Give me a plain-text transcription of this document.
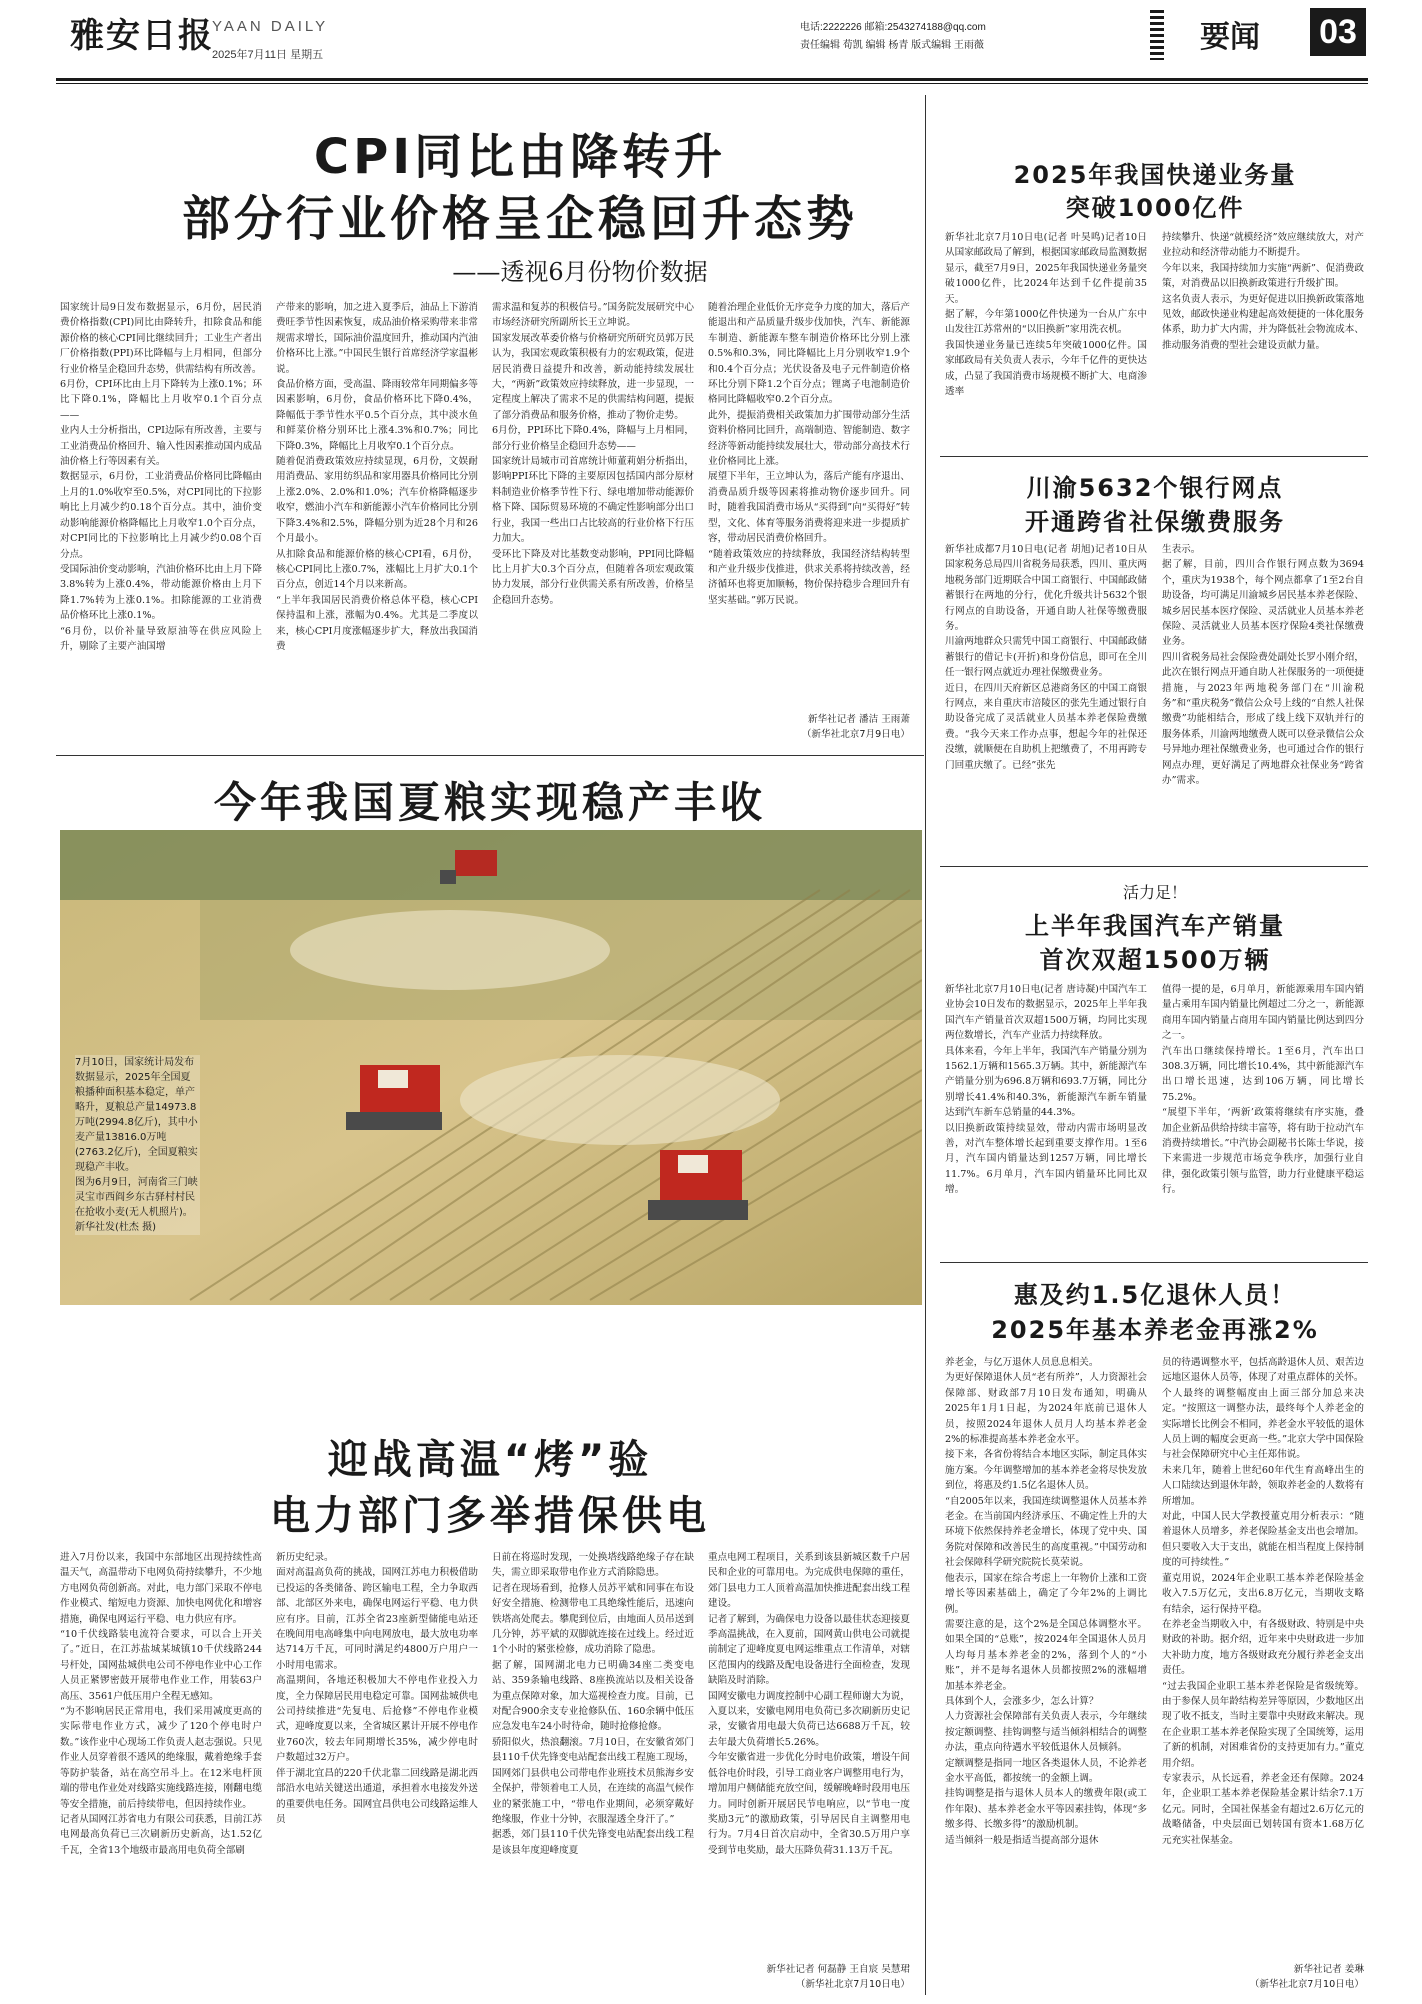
雅安日报
YAAN DAILY
2025年7月11日 星期五
电话:2222226 邮箱:2543274188@qq.com
责任编辑 荀凯 编辑 杨青 版式编辑 王雨薇	要闻 03
CPI同比由降转升
部分行业价格呈企稳回升态势
——透视6月份物价数据
国家统计局9日发布数据显示，6月份，居民消费价格指数(CPI)同比由降转升，扣除食品和能源价格的核心CPI同比继续回升；工业生产者出厂价格指数(PPI)环比降幅与上月相同，但部分行业价格呈企稳回升态势，供需结构有所改善。
6月份，CPI环比由上月下降转为上涨0.1%；环比下降0.1%，降幅比上月收窄0.1个百分点——
业内人士分析指出，CPI边际有所改善，主要与工业消费品价格回升、输入性因素推动国内成品油价格上行等因素有关。
数据显示，6月份，工业消费品价格同比降幅由上月的1.0%收窄至0.5%，对CPI同比的下拉影响比上月减少约0.18个百分点。其中，油价变动影响能源价格降幅比上月收窄1.0个百分点，对CPI同比的下拉影响比上月减少约0.08个百分点。
受国际油价变动影响，汽油价格环比由上月下降3.8%转为上涨0.4%，带动能源价格由上月下降1.7%转为上涨0.1%。扣除能源的工业消费品价格环比上涨0.1%。
“6月份，以价补量导致原油等在供应风险上升，剔除了主要产油国增
产带来的影响，加之进入夏季后，油品上下游消费旺季节性因素恢复，成品油价格采购带来非常规需求增长，国际油价温度回升，推动国内汽油价格环比上涨。”中国民生银行首席经济学家温彬说。
食品价格方面，受高温、降雨较常年同期偏多等因素影响，6月份，食品价格环比下降0.4%，降幅低于季节性水平0.5个百分点，其中淡水鱼和鲜菜价格分别环比上涨4.3%和0.7%；同比下降0.3%，降幅比上月收窄0.1个百分点。
随着促消费政策效应持续显现，6月份，文娱耐用消费品、家用纺织品和家用器具价格同比分别上涨2.0%、2.0%和1.0%；汽车价格降幅逐步收窄，燃油小汽车和新能源小汽车价格同比分别下降3.4%和2.5%，降幅分别为近28个月和26个月最小。
从扣除食品和能源价格的核心CPI看，6月份，核心CPI同比上涨0.7%，涨幅比上月扩大0.1个百分点，创近14个月以来新高。
“上半年我国居民消费价格总体平稳，核心CPI保持温和上涨，涨幅为0.4%。尤其是二季度以来，核心CPI月度涨幅逐步扩大，释放出我国消费
需求温和复苏的积极信号。”国务院发展研究中心市场经济研究所副所长王立坤说。
国家发展改革委价格与价格研究所研究员郭万民认为，我国宏观政策积极有力的宏观政策，促进居民消费日益提升和改善，新动能持续发展壮大，“两新”政策效应持续释放，进一步显现，一定程度上解决了需求不足的供需结构问题，提振了部分消费品和服务价格，推动了物价走势。
6月份，PPI环比下降0.4%，降幅与上月相同，部分行业价格呈企稳回升态势——
国家统计局城市司首席统计师董莉娟分析指出，影响PPI环比下降的主要原因包括国内部分原材料制造业价格季节性下行、绿电增加带动能源价格下降、国际贸易环境的不确定性影响部分出口行业，我国一些出口占比较高的行业价格下行压力加大。
受环比下降及对比基数变动影响，PPI同比降幅比上月扩大0.3个百分点，但随着各项宏观政策协力发展，部分行业供需关系有所改善，价格呈企稳回升态势。
随着治理企业低价无序竞争力度的加大，落后产能退出和产品质量升级步伐加快，汽车、新能源车制造、新能源车整车制造价格环比分别上涨0.5%和0.3%，同比降幅比上月分别收窄1.9个和0.4个百分点；光伏设备及电子元件制造价格环比分别下降1.2个百分点；锂离子电池制造价格同比降幅收窄0.2个百分点。
此外，提振消费相关政策加力扩围带动部分生活资料价格同比回升，高端制造、智能制造、数字经济等新动能持续发展壮大，带动部分高技术行业价格同比上涨。
展望下半年，王立坤认为，落后产能有序退出、消费品质升级等因素将推动物价逐步回升。同时，随着我国消费市场从“买得到”向“买得好”转型，文化、体育等服务消费将迎来进一步提质扩容，带动居民消费价格回升。
“随着政策效应的持续释放，我国经济结构转型和产业升级步伐推进，供求关系将持续改善，经济循环也将更加顺畅，物价保持稳步合理回升有坚实基础。”郭万民说。
新华社记者 潘洁 王雨萧
（新华社北京7月9日电）
2025年我国快递业务量
突破1000亿件
新华社北京7月10日电(记者 叶昊鸣)记者10日从国家邮政局了解到，根据国家邮政局监测数据显示，截至7月9日，2025年我国快递业务量突破1000亿件，比2024年达到千亿件提前35天。
据了解，今年第1000亿件快递为一台从广东中山发往江苏常州的“以旧换新”家用洗衣机。
我国快递业务量已连续5年突破1000亿件。国家邮政局有关负责人表示，今年千亿件的更快达成，凸显了我国消费市场规模不断扩大、电商渗透率
持续攀升、快递“就模经济”效应继续放大，对产业拉动和经济带动能力不断提升。
今年以来，我国持续加力实施“两新”、促消费政策，对消费品以旧换新政策进行升级扩围。
这名负责人表示，为更好促进以旧换新政策落地见效，邮政快递业构建起高效便捷的一体化服务体系，助力扩大内需，并为降低社会物流成本、推动服务消费的型社会建设贡献力量。
川渝5632个银行网点
开通跨省社保缴费服务
新华社成都7月10日电(记者 胡旭)记者10日从国家税务总局四川省税务局获悉，四川、重庆两地税务部门近期联合中国工商银行、中国邮政储蓄银行在两地的分行，优化升级共计5632个银行网点的自助设备，开通自助人社保等缴费服务。
川渝两地群众只需凭中国工商银行、中国邮政储蓄银行的借记卡(开折)和身份信息，即可在全川任一银行网点就近办理社保缴费业务。
近日，在四川天府新区总港商务区的中国工商银行网点，来自重庆市涪陵区的张先生通过银行自助设备完成了灵活就业人员基本养老保险费缴费。“我今天来工作办点事，想起今年的社保还没缴，就顺便在自助机上把缴费了，不用再跨专门回重庆缴了。已经”张先
生表示。
据了解，目前，四川合作银行网点数为3694个，重庆为1938个，每个网点都拿了1至2台自助设备，均可满足川渝城乡居民基本养老保险、城乡居民基本医疗保险、灵活就业人员基本养老保险、灵活就业人员基本医疗保险4类社保缴费业务。
四川省税务局社会保险费处副处长罗小刚介绍，此次在银行网点开通自助人社保服务的一项便捷措施，与2023年两地税务部门在“川渝税务”和“重庆税务”微信公众号上线的“自然人社保缴费”功能相结合，形成了线上线下双轨并行的服务体系，川渝两地缴费人既可以登录微信公众号异地办理社保缴费业务，也可通过合作的银行网点办理，更好满足了两地群众社保业务“跨省办”需求。
今年我国夏粮实现稳产丰收
7月10日，国家统计局发布数据显示，2025年全国夏粮播种面积基本稳定，单产略升，夏粮总产量14973.8万吨(2994.8亿斤)，其中小麦产量13816.0万吨(2763.2亿斤)，全国夏粮实现稳产丰收。
图为6月9日，河南省三门峡灵宝市西阎乡东古驿村村民在抢收小麦(无人机照片)。
新华社发(杜杰 摄)
活力足！
上半年我国汽车产销量
首次双超1500万辆
新华社北京7月10日电(记者 唐诗凝)中国汽车工业协会10日发布的数据显示，2025年上半年我国汽车产销量首次双超1500万辆，均同比实现两位数增长，汽车产业活力持续释放。
具体来看，今年上半年，我国汽车产销量分别为1562.1万辆和1565.3万辆。其中，新能源汽车产销量分别为696.8万辆和693.7万辆，同比分别增长41.4%和40.3%，新能源汽车新车销量达到汽车新车总销量的44.3%。
以旧换新政策持续显效，带动内需市场明显改善，对汽车整体增长起到重要支撑作用。1至6月，汽车国内销量达到1257万辆，同比增长11.7%。6月单月，汽车国内销量环比同比双增。
值得一提的是，6月单月，新能源乘用车国内销量占乘用车国内销量比例超过二分之一，新能源商用车国内销量占商用车国内销量比例达到四分之一。
汽车出口继续保持增长。1至6月，汽车出口308.3万辆，同比增长10.4%，其中新能源汽车出口增长迅速，达到106万辆，同比增长75.2%。
“展望下半年，‘两新’政策将继续有序实施，叠加企业新品供给持续丰富等，将有助于拉动汽车消费持续增长。”中汽协会副秘书长陈士华说，接下来需进一步规范市场竞争秩序，加强行业自律，强化政策引领与监管，助力行业健康平稳运行。
惠及约1.5亿退休人员！
2025年基本养老金再涨2%
养老金，与亿万退休人员息息相关。
为更好保障退休人员“老有所养”，人力资源社会保障部、财政部7月10日发布通知，明确从2025年1月1日起，为2024年底前已退休人员，按照2024年退休人员月人均基本养老金2%的标准提高基本养老金水平。
接下来，各省份将结合本地区实际，制定具体实施方案。今年调整增加的基本养老金将尽快发放到位，将惠及约1.5亿名退休人员。
“自2005年以来，我国连续调整退休人员基本养老金。在当前国内经济承压、不确定性上升的大环境下依然保持养老金增长，体现了党中央、国务院对保障和改善民生的高度重视。”中国劳动和社会保障科学研究院院长莫荣说。
他表示，国家在综合考虑上一年物价上涨和工资增长等因素基础上，确定了今年2%的上调比例。
需要注意的是，这个2%是全国总体调整水平。如果全国的“总账”，按2024年全国退休人员月人均每月基本养老金的2%，落到个人的“小账”，并不是每名退休人员都按照2%的涨幅增加基本养老金。
具体到个人，会涨多少，怎么计算？
人力资源社会保障部有关负责人表示，今年继续按定额调整、挂钩调整与适当倾斜相结合的调整办法，重点向待遇水平较低退休人员倾斜。
定额调整是指同一地区各类退休人员，不论养老金水平高低，都按统一的金额上调。
挂钩调整是指与退休人员本人的缴费年限(或工作年限)、基本养老金水平等因素挂钩，体现“多缴多得、长缴多得”的激励机制。
适当倾斜一般是指适当提高部分退休
员的待遇调整水平，包括高龄退休人员、艰苦边远地区退休人员等，体现了对重点群体的关怀。
个人最终的调整幅度由上面三部分加总来决定。“按照这一调整办法，最终每个人养老金的实际增长比例会不相同，养老金水平较低的退休人员上调的幅度会更高一些。”北京大学中国保险与社会保障研究中心主任郑伟说。
未来几年，随着上世纪60年代生育高峰出生的人口陆续达到退休年龄，领取养老金的人数将有所增加。
对此，中国人民大学教授董克用分析表示：“随着退休人员增多，养老保险基金支出也会增加。但只要收入大于支出，就能在相当程度上保持制度的可持续性。”
董克用说，2024年企业职工基本养老保险基金收入7.5万亿元，支出6.8万亿元，当期收支略有结余，运行保持平稳。
在养老金当期收入中，有各级财政、特别是中央财政的补助。据介绍，近年来中央财政进一步加大补助力度，地方各级财政充分履行养老金支出责任。
“过去我国企业职工基本养老保险是省级统筹。由于参保人员年龄结构差异等原因，少数地区出现了收不抵支，当时主要靠中央财政来解决。现在企业职工基本养老保险实现了全国统筹，运用了新的机制，对困难省份的支持更加有力。”董克用介绍。
专家表示，从长远看，养老金还有保障。2024年，企业职工基本养老保险基金累计结余7.1万亿元。同时，全国社保基金有超过2.6万亿元的战略储备，中央层面已划转国有资本1.68万亿元充实社保基金。
新华社记者 姜琳
（新华社北京7月10日电）
迎战高温“烤”验
电力部门多举措保供电
进入7月份以来，我国中东部地区出现持续性高温天气，高温带动下电网负荷持续攀升，不少地方电网负荷创新高。对此，电力部门采取不停电作业模式、缩短电力资源、加快电网优化和增容措施，确保电网运行平稳、电力供应有序。
“10千伏线路装电流符合要求，可以合上开关了。”近日，在江苏盐城某城镇10千伏线路244号杆处，国网盐城供电公司不停电作业中心工作人员正紧锣密鼓开展带电作业工作，用装63户高压、3561户低压用户全程无感知。
“为不影响居民正常用电，我们采用减度更高的实际带电作业方式，减少了120个停电时户数。”该作业中心现场工作负责人赵志强说。只见作业人员穿着很不透风的绝缘服，戴着绝缘手套等防护装备，站在高空吊斗上。在12米电杆顶端的带电作业处对线路实施线路连接，刚翻电缆等安全措施，前后持续带电，但因持续作业。
记者从国网江苏省电力有限公司获悉，目前江苏电网最高负荷已三次刷新历史新高，达1.52亿千瓦，全省13个地级市最高用电负荷全部刷
新历史纪录。
面对高温高负荷的挑战，国网江苏电力积极借助已投运的各类储备、跨区输电工程，全力争取西部、北部区外来电，确保电网运行平稳、电力供应有序。目前，江苏全省23座新型储能电站还在晚间用电高峰集中向电网放电，最大放电功率达714万千瓦，可同时满足约4800万户用户一小时用电需求。
高温期间，各地还积极加大不停电作业投入力度，全力保障居民用电稳定可靠。国网盐城供电公司持续推进“先复电、后抢修”不停电作业模式，迎峰度夏以来，全省城区累计开展不停电作业760次，较去年同期增长35%，减少停电时户数超过32万户。
伴于湖北宜昌的220千伏北靠二回线路是湖北西部沿水电站关键送出通道，承担着水电接发外送的重要供电任务。国网宜昌供电公司线路运维人员
日前在将巡时发现，一处换塔线路绝缘子存在缺失，需立即采取带电作业方式消除隐患。
记者在现场看到，抢修人员苏平斌和同事在布设好安全措施、检测带电工具绝缘性能后，迅速向铁塔高处爬去。攀爬到位后，由地面人员吊送到几分钟，苏平斌的双脚就连接在过线上。经过近1个小时的紧张检修，成功消除了隐患。
据了解，国网湖北电力已明确34座二类变电站、359条输电线路、8座换流站以及相关设备为重点保障对象，加大巡视检查力度。目前，已对配合900余支专业抢修队伍、160余辆中低压应急发电车24小时待命，随时抢修抢修。
骄阳似火，热浪翻滚。7月10日，在安徽省郊门县110千伏先锋变电站配套出线工程施工现场，国网郊门县供电公司带电作业班技术员熊海乡安全保护，带领着电工人员，在连续的高温气候作业的紧张施工中，“带电作业期间，必须穿戴好绝缘服，作业十分钟，衣服湿透全身汗了。”
据悉，郊门县110千伏先锋变电站配套出线工程是该县年度迎峰度夏
重点电网工程项目，关系到该县新城区数千户居民和企业的可靠用电。为完成供电保障的重任，郊门县电力工人顶着高温加快推进配套出线工程建设。
记者了解到，为确保电力设备以最佳状态迎接夏季高温挑战，在入夏前，国网黄山供电公司就提前制定了迎峰度夏电网运维重点工作清单，对辖区范围内的线路及配电设备进行全面检查，发现缺陷及时消除。
国网安徽电力调度控制中心副工程师谢大为说，入夏以来，安徽电网用电负荷已多次刷新历史记录，安徽省用电最大负荷已达6688万千瓦，较去年最大负荷增长5.26%。
今年安徽省进一步优化分时电价政策，增设午间低谷电价时段，引导工商业客户调整用电行为，增加用户侧储能充放空间，缓解晚峰时段用电压力。同时创新开展居民节电响应，以“节电一度奖励3元”的激励政策，引导居民自主调整用电行为。7月4日首次启动中，全省30.5万用户享受到节电奖励，最大压降负荷31.13万千瓦。
新华社记者 何磊静 王自宸 吴慧珺
（新华社北京7月10日电）
